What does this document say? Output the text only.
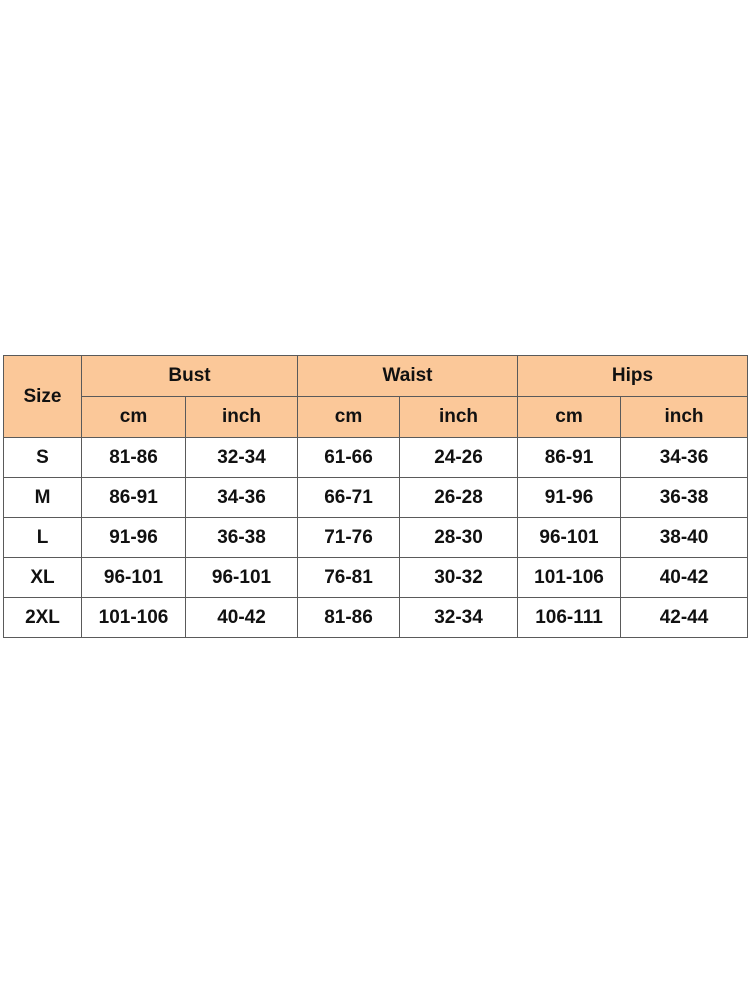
Size	Bust		Waist		Hips	
	cm	inch	cm	inch	cm	inch
S	81-86	32-34	61-66	24-26	86-91	34-36
M	86-91	34-36	66-71	26-28	91-96	36-38
L	91-96	36-38	71-76	28-30	96-101	38-40
XL	96-101	96-101	76-81	30-32	101-106	40-42
2XL	101-106	40-42	81-86	32-34	106-111	42-44
